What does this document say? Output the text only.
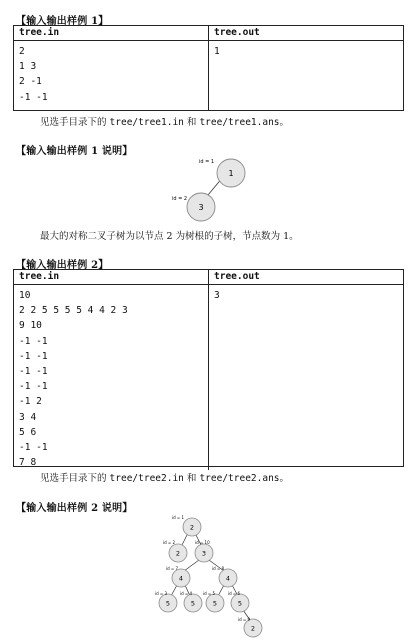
【输入输出样例 1】
tree.in	tree.out
2
1 3
2 -1
-1 -1
1
见选手目录下的 tree/tree1.in 和 tree/tree1.ans。
【输入输出样例 1 说明】
1
3
id = 1
id = 2
最大的对称二叉子树为以节点 2 为树根的子树，节点数为 1。
【输入输出样例 2】
tree.in	tree.out
10
2 2 5 5 5 5 4 4 2 3
9 10
-1 -1
-1 -1
-1 -1
-1 -1
-1 2
3 4
5 6
-1 -1
7 8
3
见选手目录下的 tree/tree2.in 和 tree/tree2.ans。
【输入输出样例 2 说明】
2
2	3
4	4
5	5	5	5
2
id = 1
id = 2	id = 10
id = 7	id = 8
id = 3	id = 4	id = 5	id = 6
id = 9
